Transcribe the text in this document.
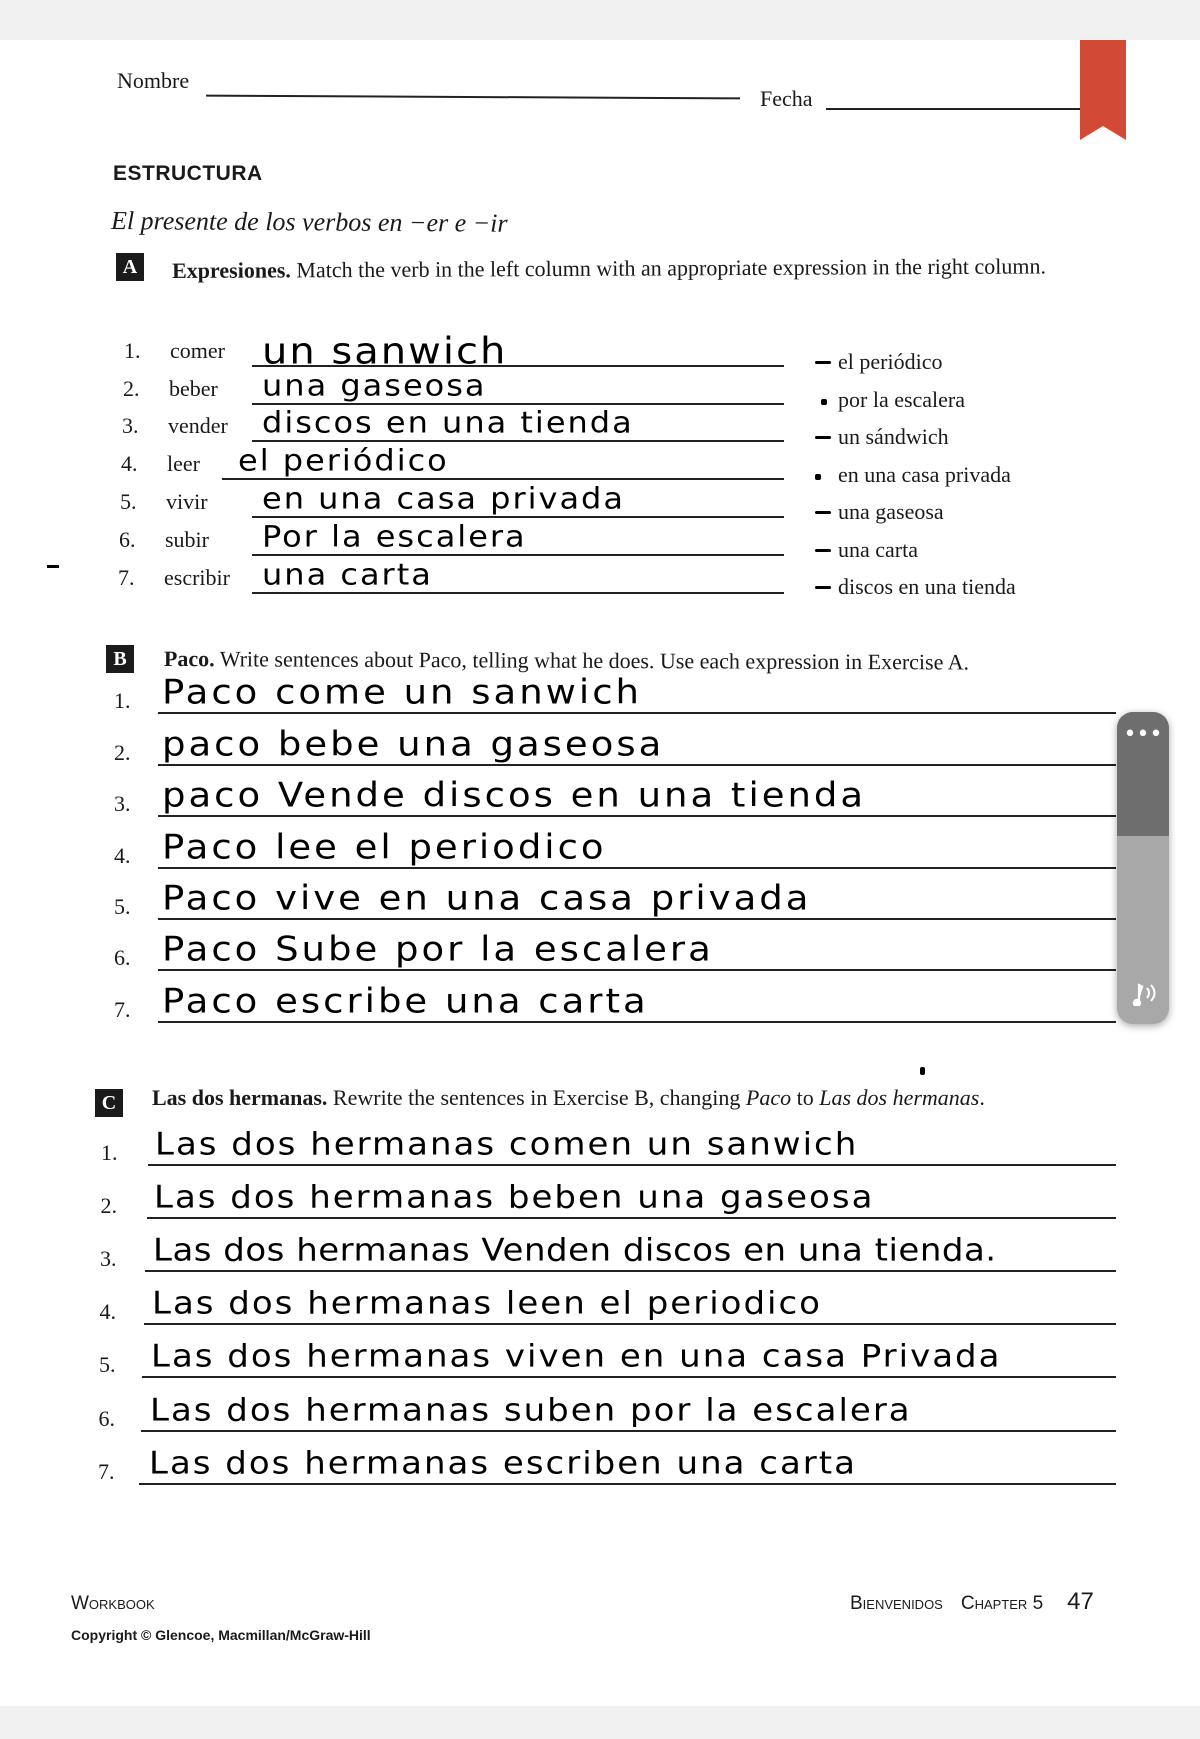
Nombre
Fecha
ESTRUCTURA
El presente de los verbos en −er e −ir
A	Expresiones. Match the verb in the left column with an appropriate expression in the right column.
1. comer un sanwich
2. beber una gaseosa
3. vender discos en una tienda
4. leer el periódico
5. vivir en una casa privada
6. subir Por la escalera
7. escribir una carta
el periódico
por la escalera
un sándwich
en una casa privada
una gaseosa
una carta
discos en una tienda
B	Paco. Write sentences about Paco, telling what he does. Use each expression in Exercise A.
1. Paco come un sanwich
2. paco bebe una gaseosa
3. paco Vende discos en una tienda
4. Paco lee el periodico
5. Paco vive en una casa privada
6. Paco Sube por la escalera
7. Paco escribe una carta
C	Las dos hermanas. Rewrite the sentences in Exercise B, changing Paco to Las dos hermanas.
1. Las dos hermanas comen un sanwich
2. Las dos hermanas beben una gaseosa
3. Las dos hermanas Venden discos en una tienda.
4. Las dos hermanas leen el periodico
5. Las dos hermanas viven en una casa Privada
6. Las dos hermanas suben por la escalera
7. Las dos hermanas escriben una carta
Workbook
Copyright © Glencoe, Macmillan/McGraw-Hill
Bienvenidos Chapter 5 47
•••
